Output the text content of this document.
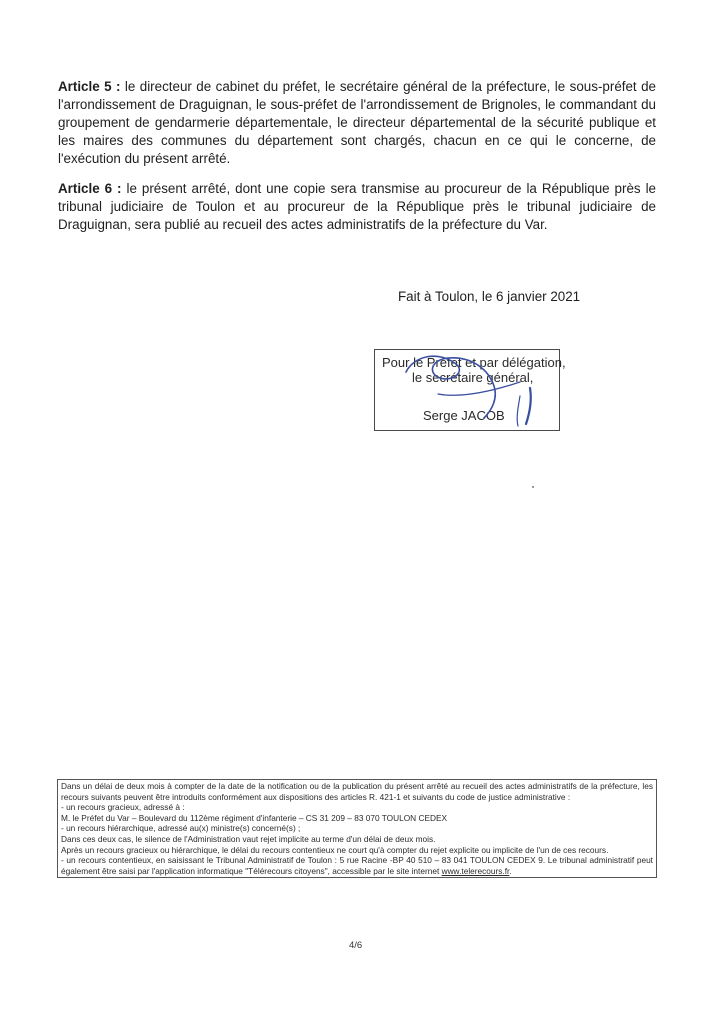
Article 5 : le directeur de cabinet du préfet, le secrétaire général de la préfecture, le sous-préfet de l'arrondissement de Draguignan, le sous-préfet de l'arrondissement de Brignoles, le commandant du groupement de gendarmerie départementale, le directeur départemental de la sécurité publique et les maires des communes du département sont chargés, chacun en ce qui le concerne, de l'exécution du présent arrêté.
Article 6 : le présent arrêté, dont une copie sera transmise au procureur de la République près le tribunal judiciaire de Toulon et au procureur de la République près le tribunal judiciaire de Draguignan, sera publié au recueil des actes administratifs de la préfecture du Var.
Fait à Toulon, le 6 janvier 2021
Pour le Préfet et par délégation,
le secrétaire général,
Serge JACOB

Dans un délai de deux mois à compter de la date de la notification ou de la publication du présent arrêté au recueil des actes administratifs de la préfecture, les recours suivants peuvent être introduits conformément aux dispositions des articles R. 421-1 et suivants du code de justice administrative :

- un recours gracieux, adressé à :

M. le Préfet du Var – Boulevard du 112ème régiment d'infanterie – CS 31 209 – 83 070 TOULON CEDEX

- un recours hiérarchique, adressé au(x) ministre(s) concerné(s) ;

Dans ces deux cas, le silence de l'Administration vaut rejet implicite au terme d'un délai de deux mois.

Après un recours gracieux ou hiérarchique, le délai du recours contentieux ne court qu'à compter du rejet explicite ou implicite de l'un de ces recours.

- un recours contentieux, en saisissant le Tribunal Administratif de Toulon : 5 rue Racine -BP 40 510 – 83 041 TOULON CEDEX 9. Le tribunal administratif peut également être saisi par l'application informatique "Télérecours citoyens", accessible par le site internet www.telerecours.fr.

4/6
